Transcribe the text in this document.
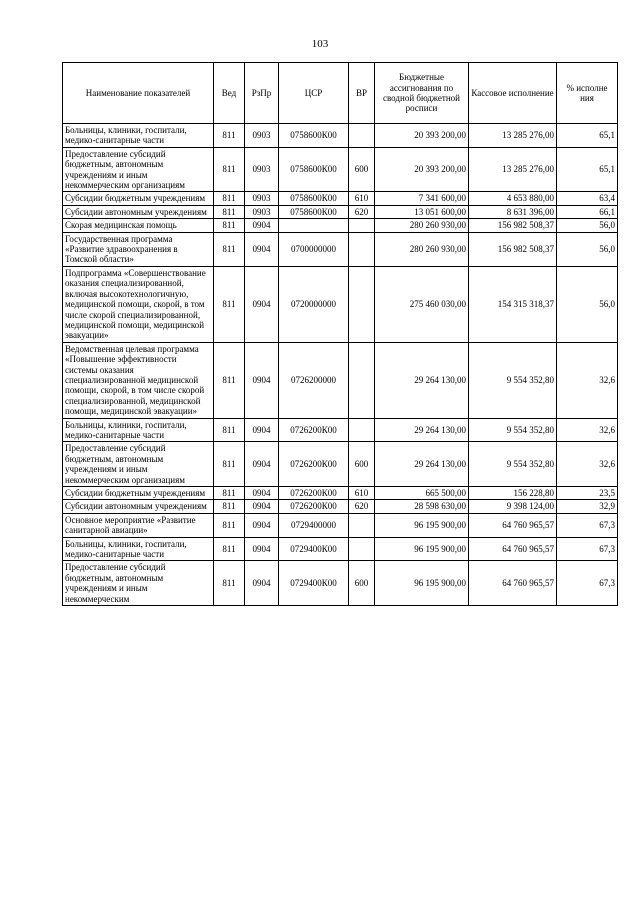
103
Наименование показателей	Вед	РзПр	ЦСР	ВР	Бюджетные ассигнования по сводной бюджетной росписи	Кассовое исполнение	% исполне ния
Больницы, клиники, госпитали, медико-санитарные части	811	0903	0758600К00		20 393 200,00	13 285 276,00	65,1
Предоставление субсидий бюджетным, автономным учреждениям и иным некоммерческим организациям	811	0903	0758600К00	600	20 393 200,00	13 285 276,00	65,1
Субсидии бюджетным учреждениям	811	0903	0758600К00	610	7 341 600,00	4 653 880,00	63,4
Субсидии автономным учреждениям	811	0903	0758600К00	620	13 051 600,00	8 631 396,00	66,1
Скорая медицинская помощь	811	0904			280 260 930,00	156 982 508,37	56,0
Государственная программа «Развитие здравоохранения в Томской области»	811	0904	0700000000		280 260 930,00	156 982 508,37	56,0
Подпрограмма «Совершенствование оказания специализированной, включая высокотехнологичную, медицинской помощи, скорой, в том числе скорой специализированной, медицинской помощи, медицинской эвакуации»	811	0904	0720000000		275 460 030,00	154 315 318,37	56,0
Ведомственная целевая программа «Повышение эффективности системы оказания специализированной медицинской помощи, скорой, в том числе скорой специализированной, медицинской помощи, медицинской эвакуации»	811	0904	0726200000		29 264 130,00	9 554 352,80	32,6
Больницы, клиники, госпитали, медико-санитарные части	811	0904	0726200К00		29 264 130,00	9 554 352,80	32,6
Предоставление субсидий бюджетным, автономным учреждениям и иным некоммерческим организациям	811	0904	0726200К00	600	29 264 130,00	9 554 352,80	32,6
Субсидии бюджетным учреждениям	811	0904	0726200К00	610	665 500,00	156 228,80	23,5
Субсидии автономным учреждениям	811	0904	0726200К00	620	28 598 630,00	9 398 124,00	32,9
Основное мероприятие «Развитие санитарной авиации»	811	0904	0729400000		96 195 900,00	64 760 965,57	67,3
Больницы, клиники, госпитали, медико-санитарные части	811	0904	0729400К00		96 195 900,00	64 760 965,57	67,3
Предоставление субсидий бюджетным, автономным учреждениям и иным некоммерческим	811	0904	0729400К00	600	96 195 900,00	64 760 965,57	67,3
